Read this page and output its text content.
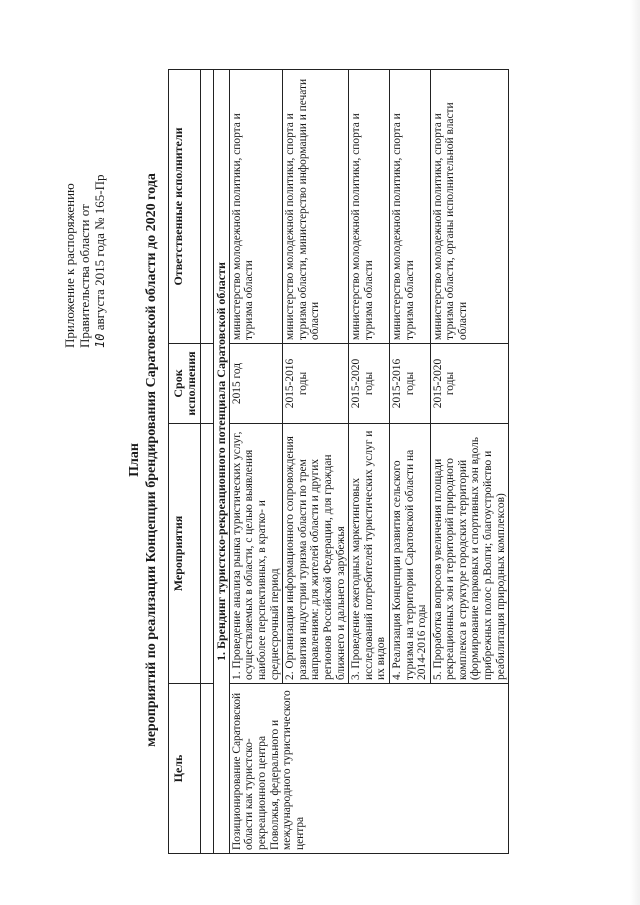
Приложение к распоряжению Правительства области от 10 августа 2015 года № 165-Пр
План мероприятий по реализации Концепции брендирования Саратовской области до 2020 года
Цель	Мероприятия	Срок исполнения	Ответственные исполнители

1. Брендинг туристско-рекреационного потенциала Саратовской области			
Позиционирование Саратовской области как туристско-рекреационного центра Поволжья, федерального и международного туристического центра	1. Проведение анализа рынка туристических услуг, осуществляемых в области, с целью выявления наиболее перспективных, в кратко- и среднесрочный период	2015 год	министерство молодежной политики, спорта и туризма области
	2. Организация информационного сопровождения развития индустрии туризма области по трем направлениям: для жителей области и других регионов Российской Федерации, для граждан ближнего и дальнего зарубежья	2015-2016 годы	министерство молодежной политики, спорта и туризма области, министерство информации и печати области
	3. Проведение ежегодных маркетинговых исследований потребителей туристических услуг и их видов	2015-2020 годы	министерство молодежной политики, спорта и туризма области
	4. Реализация Концепции развития сельского туризма на территории Саратовской области на 2014-2016 годы	2015-2016 годы	министерство молодежной политики, спорта и туризма области
	5. Проработка вопросов увеличения площади рекреационных зон и территорий природного комплекса в структуре городских территорий (формирование парковых и спортивных зон вдоль прибрежных полос р.Волги; благоустройство и реабилитация природных комплексов)	2015-2020 годы	министерство молодежной политики, спорта и туризма области, органы исполнительной власти области
